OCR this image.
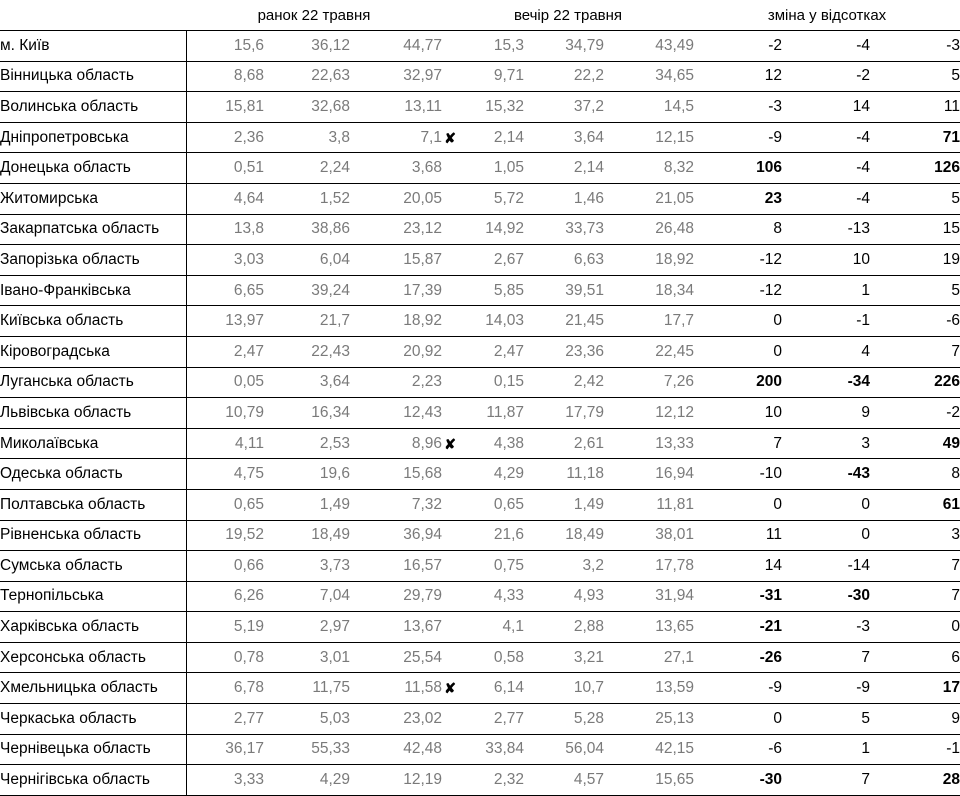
	ранок 22 травня			вечір 22 травня			зміна у відсотках		
м. Київ	15,6	36,12	44,77	15,3	34,79	43,49	-2	-4	-3
Вінницька область	8,68	22,63	32,97	9,71	22,2	34,65	12	-2	5
Волинська область	15,81	32,68	13,11	15,32	37,2	14,5	-3	14	11
Дніпропетровська	2,36	3,8	7,1 ✘	2,14	3,64	12,15	-9	-4	71
Донецька область	0,51	2,24	3,68	1,05	2,14	8,32	106	-4	126
Житомирська	4,64	1,52	20,05	5,72	1,46	21,05	23	-4	5
Закарпатська область	13,8	38,86	23,12	14,92	33,73	26,48	8	-13	15
Запорізька область	3,03	6,04	15,87	2,67	6,63	18,92	-12	10	19
Івано-Франківська	6,65	39,24	17,39	5,85	39,51	18,34	-12	1	5
Київська область	13,97	21,7	18,92	14,03	21,45	17,7	0	-1	-6
Кіровоградська	2,47	22,43	20,92	2,47	23,36	22,45	0	4	7
Луганська область	0,05	3,64	2,23	0,15	2,42	7,26	200	-34	226
Львівська область	10,79	16,34	12,43	11,87	17,79	12,12	10	9	-2
Миколаївська	4,11	2,53	8,96 ✘	4,38	2,61	13,33	7	3	49
Одеська область	4,75	19,6	15,68	4,29	11,18	16,94	-10	-43	8
Полтавська область	0,65	1,49	7,32	0,65	1,49	11,81	0	0	61
Рівненська область	19,52	18,49	36,94	21,6	18,49	38,01	11	0	3
Сумська область	0,66	3,73	16,57	0,75	3,2	17,78	14	-14	7
Тернопільська	6,26	7,04	29,79	4,33	4,93	31,94	-31	-30	7
Харківська область	5,19	2,97	13,67	4,1	2,88	13,65	-21	-3	0
Херсонська область	0,78	3,01	25,54	0,58	3,21	27,1	-26	7	6
Хмельницька область	6,78	11,75	11,58 ✘	6,14	10,7	13,59	-9	-9	17
Черкаська область	2,77	5,03	23,02	2,77	5,28	25,13	0	5	9
Чернівецька область	36,17	55,33	42,48	33,84	56,04	42,15	-6	1	-1
Чернігівська область	3,33	4,29	12,19	2,32	4,57	15,65	-30	7	28
